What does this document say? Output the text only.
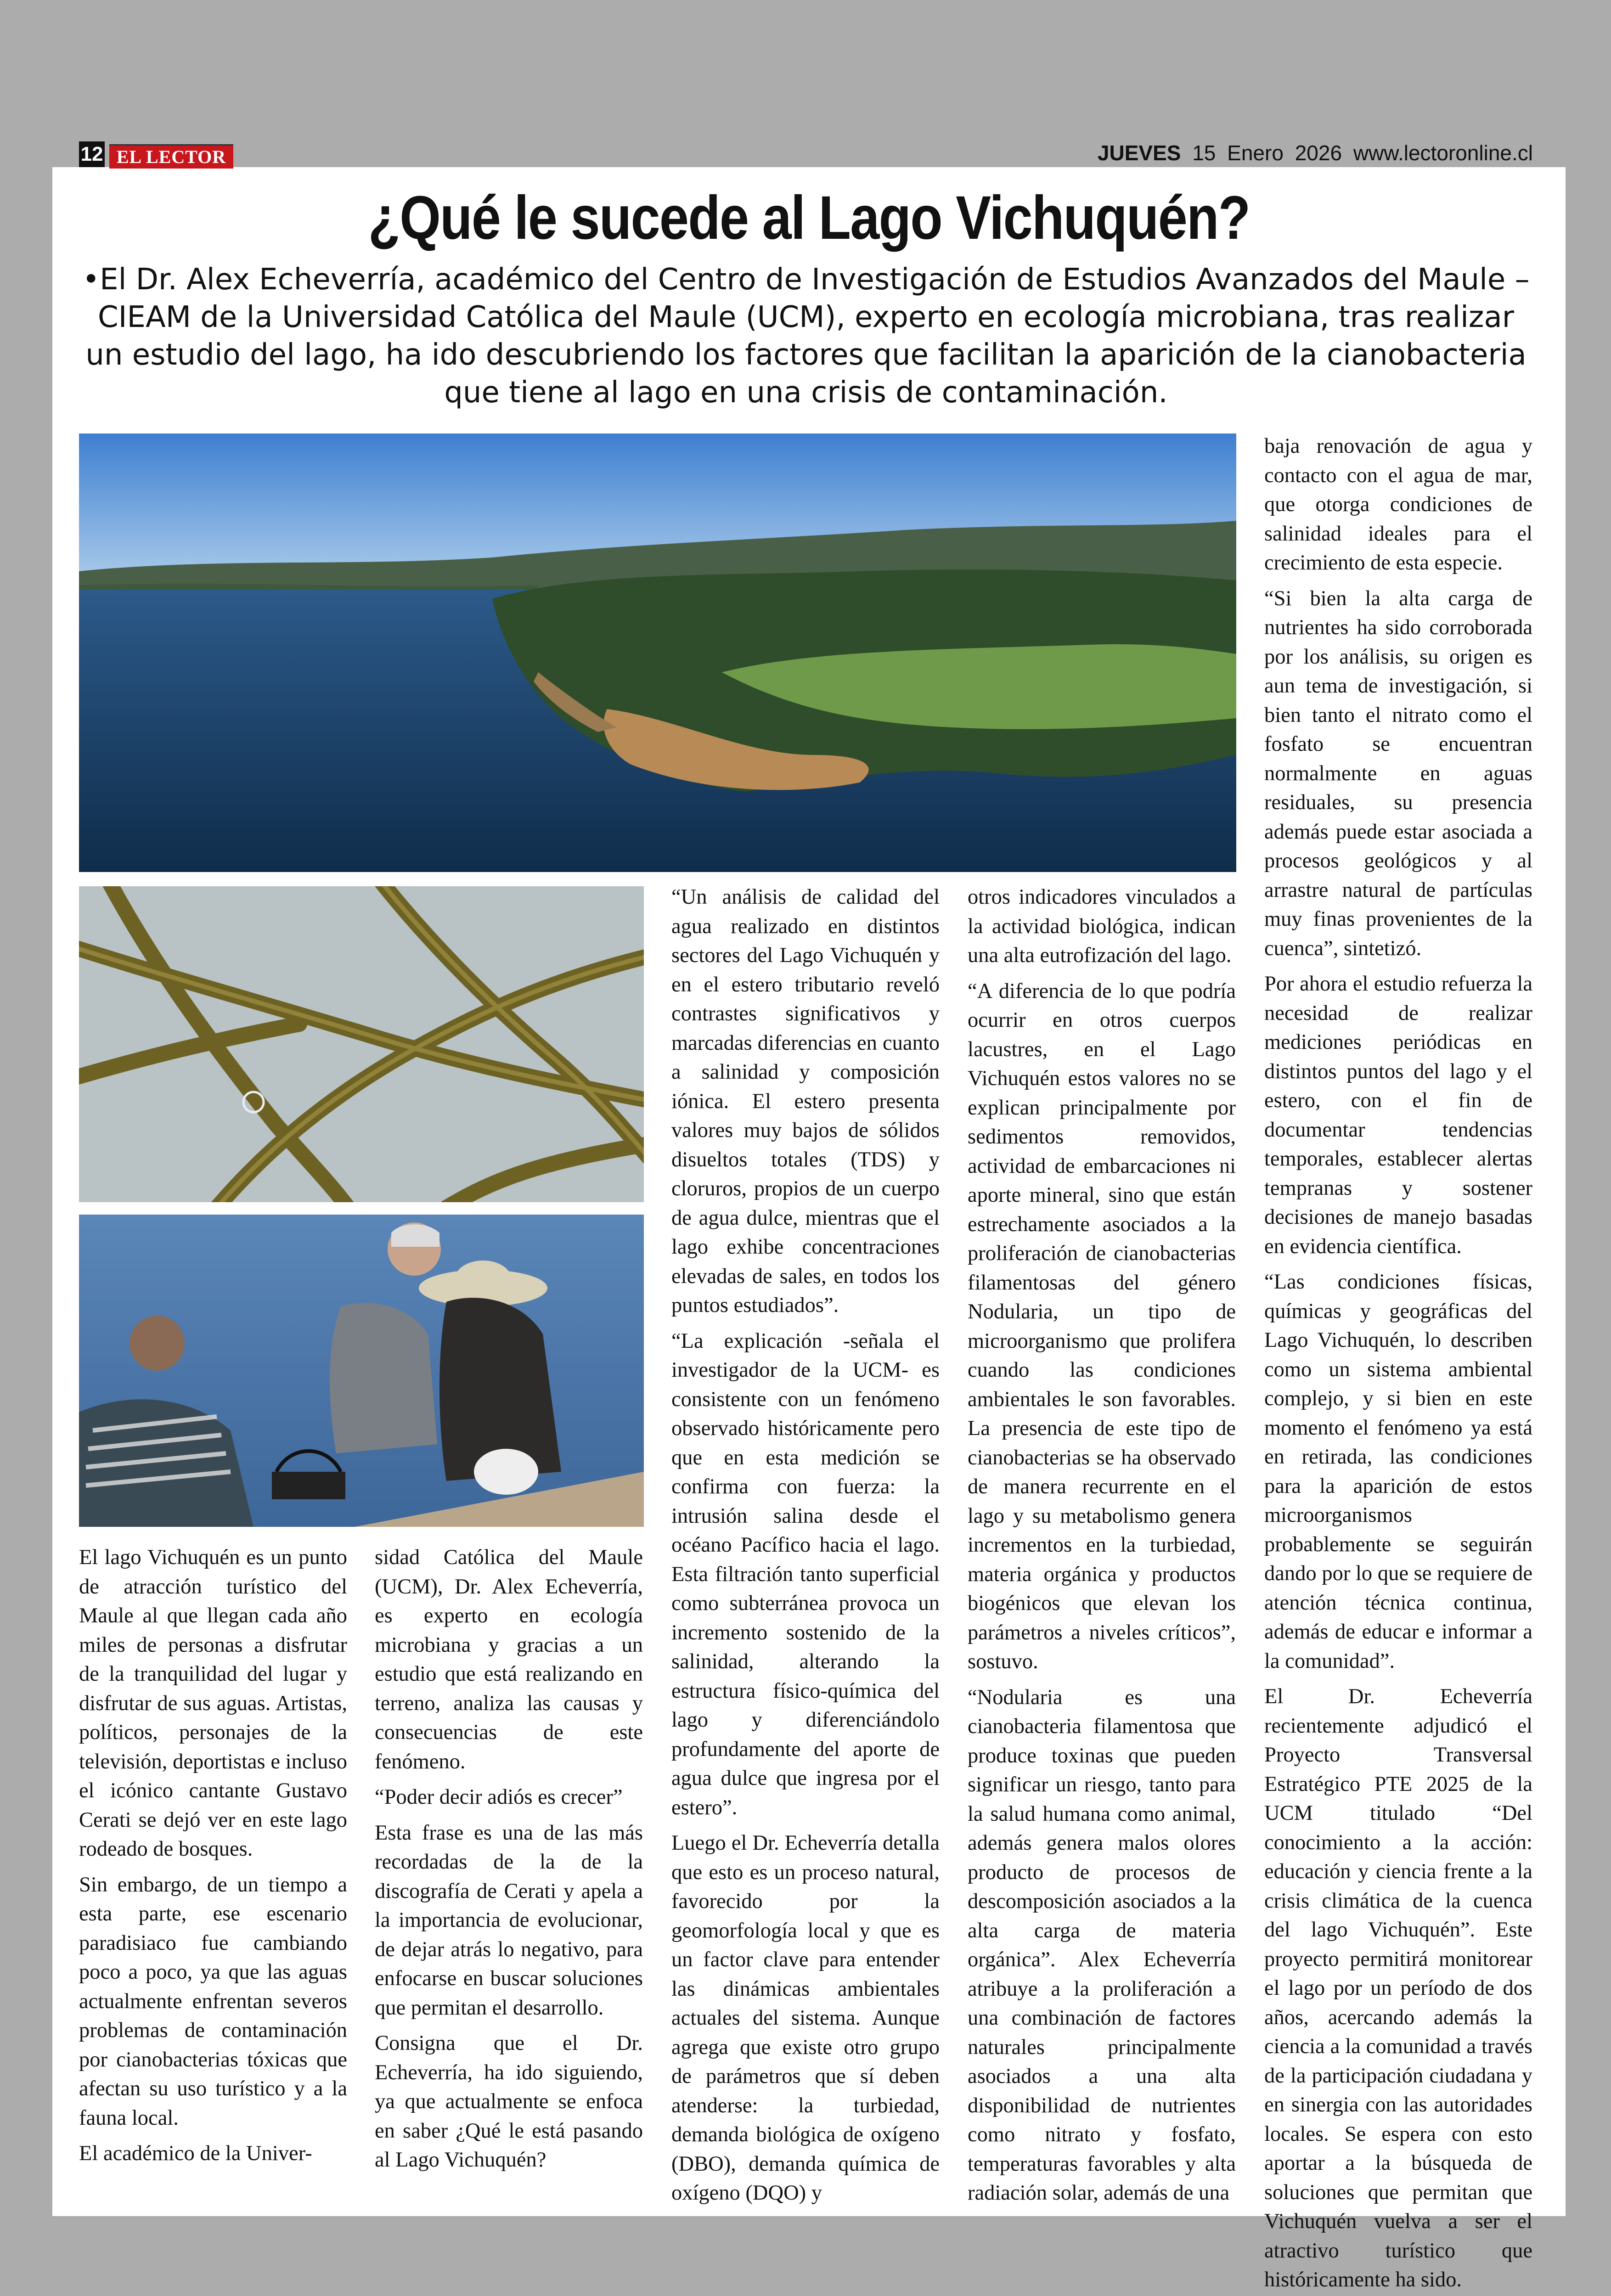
12 EL LECTOR	JUEVES 15 Enero 2026 www.lectoronline.cl
¿Qué le sucede al Lago Vichuquén?
•El Dr. Alex Echeverría, académico del Centro de Investigación de Estudios Avanzados del Maule – CIEAM de la Universidad Católica del Maule (UCM), experto en ecología microbiana, tras realizar un estudio del lago, ha ido descubriendo los factores que facilitan la aparición de la cianobacteria que tiene al lago en una crisis de contaminación.

El lago Vichuquén es un punto de atracción turístico del Maule al que llegan cada año miles de personas a disfrutar de la tranquilidad del lugar y disfrutar de sus aguas. Artistas, políticos, personajes de la televisión, deportistas e incluso el icónico cantante Gustavo Cerati se dejó ver en este lago rodeado de bosques.

Sin embargo, de un tiempo a esta parte, ese escenario paradisiaco fue cambiando poco a poco, ya que las aguas actualmente enfrentan severos problemas de contaminación por cianobacterias tóxicas que afectan su uso turístico y a la fauna local.

El académico de la Univer-

sidad Católica del Maule (UCM), Dr. Alex Echeverría, es experto en ecología microbiana y gracias a un estudio que está realizando en terreno, analiza las causas y consecuencias de este fenómeno.

“Poder decir adiós es crecer”

Esta frase es una de las más recordadas de la de la discografía de Cerati y apela a la importancia de evolucionar, de dejar atrás lo negativo, para enfocarse en buscar soluciones que permitan el desarrollo.

Consigna que el Dr. Echeverría, ha ido siguiendo, ya que actualmente se enfoca en saber ¿Qué le está pasando al Lago Vichuquén?

“Un análisis de calidad del agua realizado en distintos sectores del Lago Vichuquén y en el estero tributario reveló contrastes significativos y marcadas diferencias en cuanto a salinidad y composición iónica. El estero presenta valores muy bajos de sólidos disueltos totales (TDS) y cloruros, propios de un cuerpo de agua dulce, mientras que el lago exhibe concentraciones elevadas de sales, en todos los puntos estudiados”.

“La explicación -señala el investigador de la UCM- es consistente con un fenómeno observado históricamente pero que en esta medición se confirma con fuerza: la intrusión salina desde el océano Pacífico hacia el lago. Esta filtración tanto superficial como subterránea provoca un incremento sostenido de la salinidad, alterando la estructura físico-química del lago y diferenciándolo profundamente del aporte de agua dulce que ingresa por el estero”.

Luego el Dr. Echeverría detalla que esto es un proceso natural, favorecido por la geomorfología local y que es un factor clave para entender las dinámicas ambientales actuales del sistema. Aunque agrega que existe otro grupo de parámetros que sí deben atenderse: la turbiedad, demanda biológica de oxígeno (DBO), demanda química de oxígeno (DQO) y

otros indicadores vinculados a la actividad biológica, indican una alta eutrofización del lago.

“A diferencia de lo que podría ocurrir en otros cuerpos lacustres, en el Lago Vichuquén estos valores no se explican principalmente por sedimentos removidos, actividad de embarcaciones ni aporte mineral, sino que están estrechamente asociados a la proliferación de cianobacterias filamentosas del género Nodularia, un tipo de microorganismo que prolifera cuando las condiciones ambientales le son favorables. La presencia de este tipo de cianobacterias se ha observado de manera recurrente en el lago y su metabolismo genera incrementos en la turbiedad, materia orgánica y productos biogénicos que elevan los parámetros a niveles críticos”, sostuvo.

“Nodularia es una cianobacteria filamentosa que produce toxinas que pueden significar un riesgo, tanto para la salud humana como animal, además genera malos olores producto de procesos de descomposición asociados a la alta carga de materia orgánica”. Alex Echeverría atribuye a la proliferación a una combinación de factores naturales principalmente asociados a una alta disponibilidad de nutrientes como nitrato y fosfato, temperaturas favorables y alta radiación solar, además de una

baja renovación de agua y contacto con el agua de mar, que otorga condiciones de salinidad ideales para el crecimiento de esta especie.

“Si bien la alta carga de nutrientes ha sido corroborada por los análisis, su origen es aun tema de investigación, si bien tanto el nitrato como el fosfato se encuentran normalmente en aguas residuales, su presencia además puede estar asociada a procesos geológicos y al arrastre natural de partículas muy finas provenientes de la cuenca”, sintetizó.

Por ahora el estudio refuerza la necesidad de realizar mediciones periódicas en distintos puntos del lago y el estero, con el fin de documentar tendencias temporales, establecer alertas tempranas y sostener decisiones de manejo basadas en evidencia científica.

“Las condiciones físicas, químicas y geográficas del Lago Vichuquén, lo describen como un sistema ambiental complejo, y si bien en este momento el fenómeno ya está en retirada, las condiciones para la aparición de estos microorganismos probablemente se seguirán dando por lo que se requiere de atención técnica continua, además de educar e informar a la comunidad”.

El Dr. Echeverría recientemente adjudicó el Proyecto Transversal Estratégico PTE 2025 de la UCM titulado “Del conocimiento a la acción: educación y ciencia frente a la crisis climática de la cuenca del lago Vichuquén”. Este proyecto permitirá monitorear el lago por un período de dos años, acercando además la ciencia a la comunidad a través de la participación ciudadana y en sinergia con las autoridades locales. Se espera con esto aportar a la búsqueda de soluciones que permitan que Vichuquén vuelva a ser el atractivo turístico que históricamente ha sido.
